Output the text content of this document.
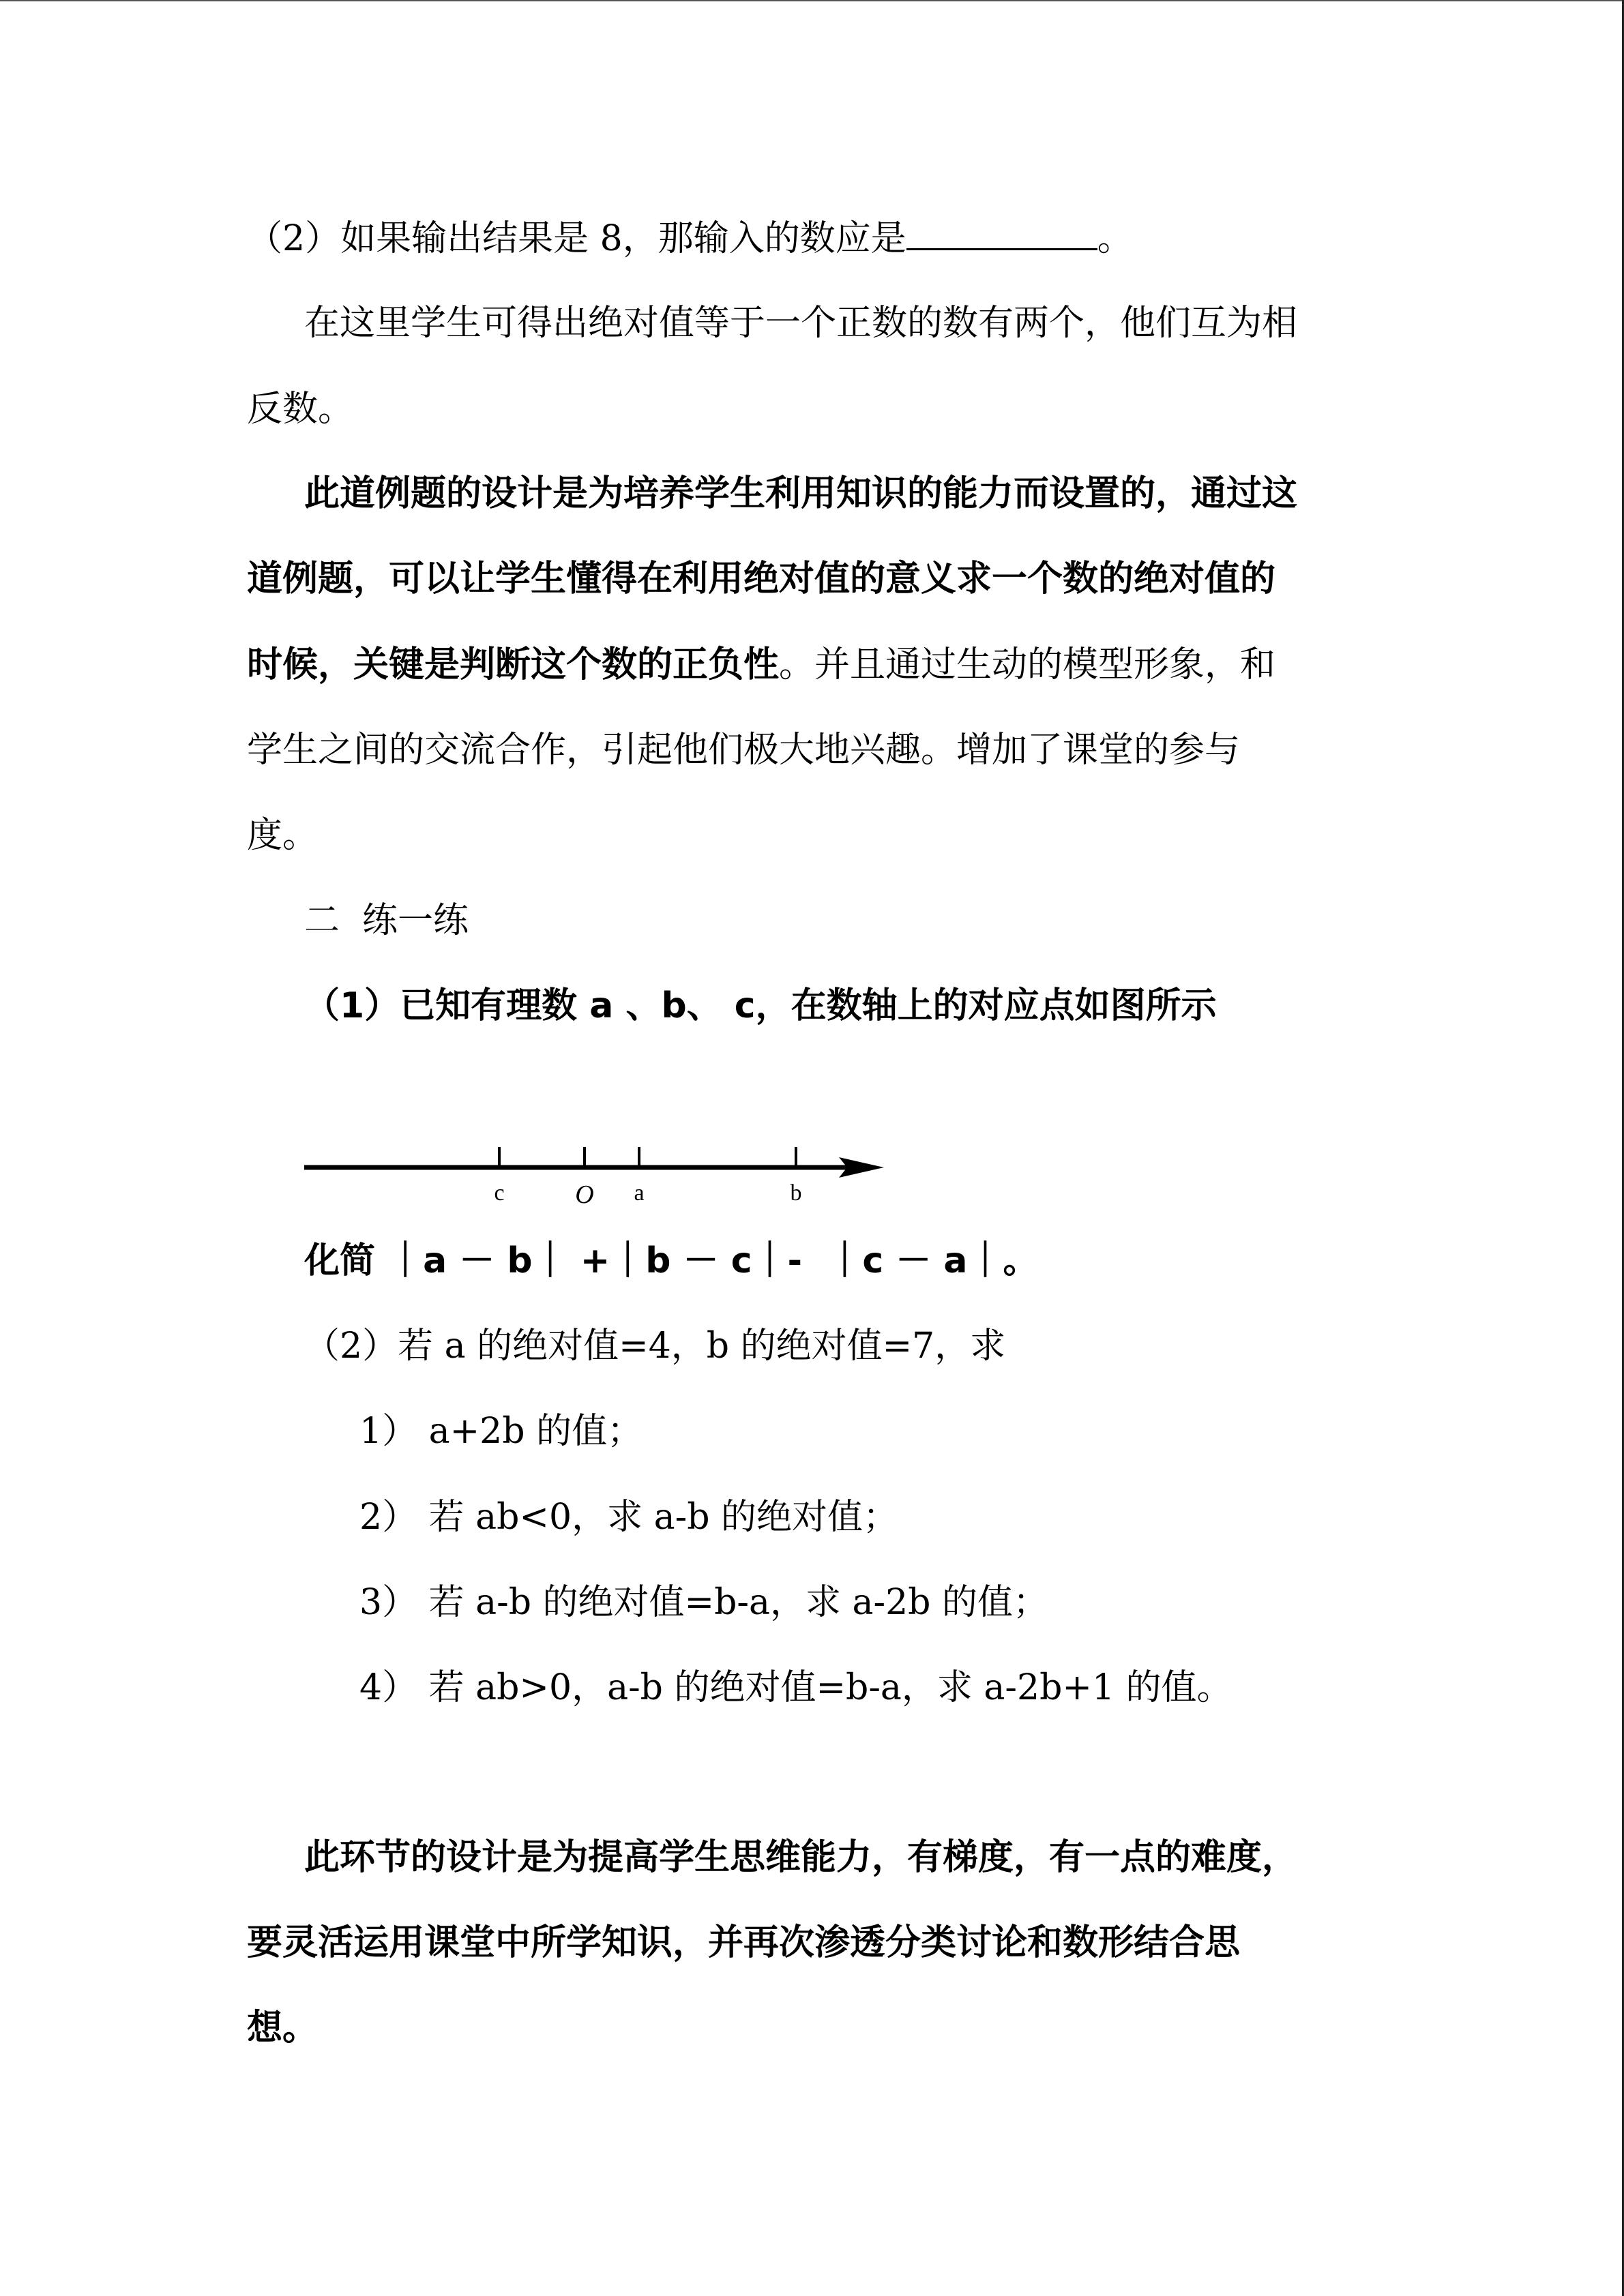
（2）如果输出结果是 8，那输入的数应是	。
在这里学生可得出绝对值等于一个正数的数有两个，他们互为相
反数。
此道例题的设计是为培养学生利用知识的能力而设置的，通过这
道例题，可以让学生懂得在利用绝对值的意义求一个数的绝对值的
时候，关键是判断这个数的正负性。并且通过生动的模型形象，和
学生之间的交流合作，引起他们极大地兴趣。增加了课堂的参与
度。
二  练一练
（1）已知有理数 a 、b、 c，在数轴上的对应点如图所示
c	O a	b
化简 ｜a － b｜ +｜b － c｜-  ｜c － a｜。
（2）若 a 的绝对值=4，b 的绝对值=7，求
1） a+2b 的值；
2） 若 ab<0，求 a-b 的绝对值；
3） 若 a-b 的绝对值=b-a，求 a-2b 的值；
4） 若 ab>0，a-b 的绝对值=b-a，求 a-2b+1 的值。
此环节的设计是为提高学生思维能力，有梯度，有一点的难度，
要灵活运用课堂中所学知识，并再次渗透分类讨论和数形结合思
想。
